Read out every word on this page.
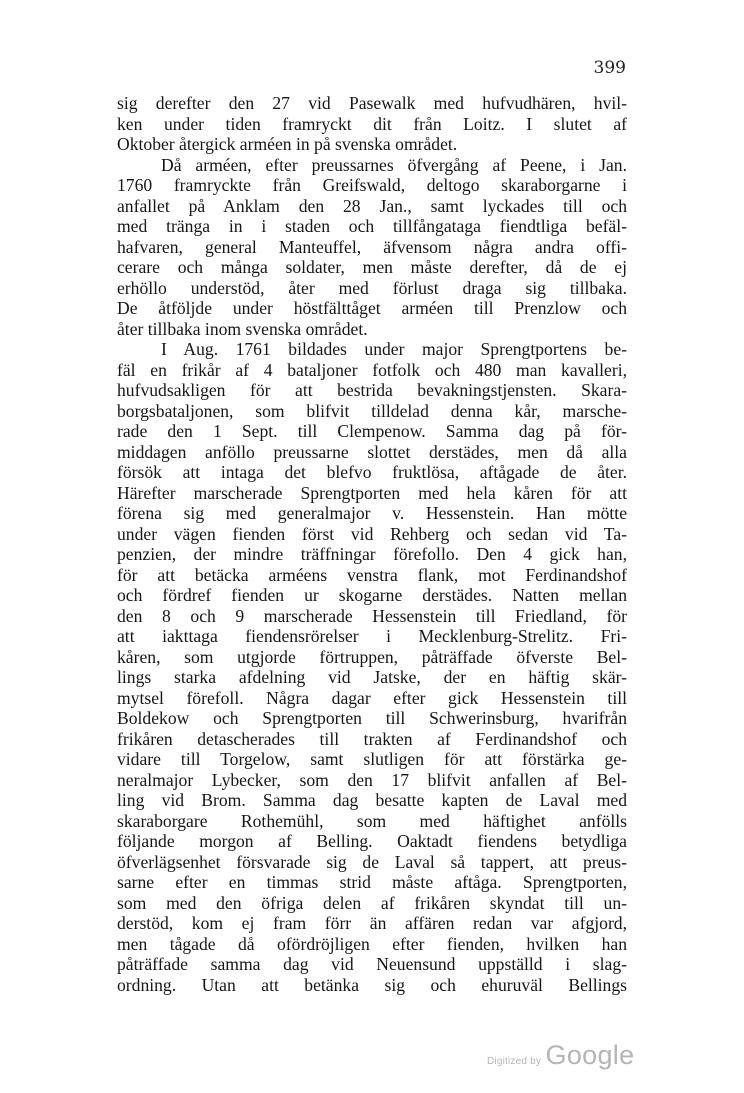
399
sig derefter den 27 vid Pasewalk med hufvudhären, hvil-
ken under tiden framryckt dit från Loitz. I slutet af
Oktober återgick arméen in på svenska området.
Då arméen, efter preussarnes öfvergång af Peene, i Jan.
1760 framryckte från Greifswald, deltogo skaraborgarne i
anfallet på Anklam den 28 Jan., samt lyckades till och
med tränga in i staden och tillfångataga fiendtliga befäl-
hafvaren, general Manteuffel, äfvensom några andra offi-
cerare och många soldater, men måste derefter, då de ej
erhöllo understöd, åter med förlust draga sig tillbaka.
De åtföljde under höstfälttåget arméen till Prenzlow och
åter tillbaka inom svenska området.
I Aug. 1761 bildades under major Sprengtportens be-
fäl en frikår af 4 bataljoner fotfolk och 480 man kavalleri,
hufvudsakligen för att bestrida bevakningstjensten. Skara-
borgsbataljonen, som blifvit tilldelad denna kår, marsche-
rade den 1 Sept. till Clempenow. Samma dag på för-
middagen anföllo preussarne slottet derstädes, men då alla
försök att intaga det blefvo fruktlösa, aftågade de åter.
Härefter marscherade Sprengtporten med hela kåren för att
förena sig med generalmajor v. Hessenstein. Han mötte
under vägen fienden först vid Rehberg och sedan vid Ta-
penzien, der mindre träffningar förefollo. Den 4 gick han,
för att betäcka arméens venstra flank, mot Ferdinandshof
och fördref fienden ur skogarne derstädes. Natten mellan
den 8 och 9 marscherade Hessenstein till Friedland, för
att iakttaga fiendensrörelser i Mecklenburg-Strelitz. Fri-
kåren, som utgjorde förtruppen, påträffade öfverste Bel-
lings starka afdelning vid Jatske, der en häftig skär-
mytsel förefoll. Några dagar efter gick Hessenstein till
Boldekow och Sprengtporten till Schwerinsburg, hvarifrån
frikåren detascherades till trakten af Ferdinandshof och
vidare till Torgelow, samt slutligen för att förstärka ge-
neralmajor Lybecker, som den 17 blifvit anfallen af Bel-
ling vid Brom. Samma dag besatte kapten de Laval med
skaraborgare Rothemühl, som med häftighet anfölls
följande morgon af Belling. Oaktadt fiendens betydliga
öfverlägsenhet försvarade sig de Laval så tappert, att preus-
sarne efter en timmas strid måste aftåga. Sprengtporten,
som med den öfriga delen af frikåren skyndat till un-
derstöd, kom ej fram förr än affären redan var afgjord,
men tågade då ofördröjligen efter fienden, hvilken han
påträffade samma dag vid Neuensund uppställd i slag-
ordning. Utan att betänka sig och ehuruväl Bellings
Digitized by Google
